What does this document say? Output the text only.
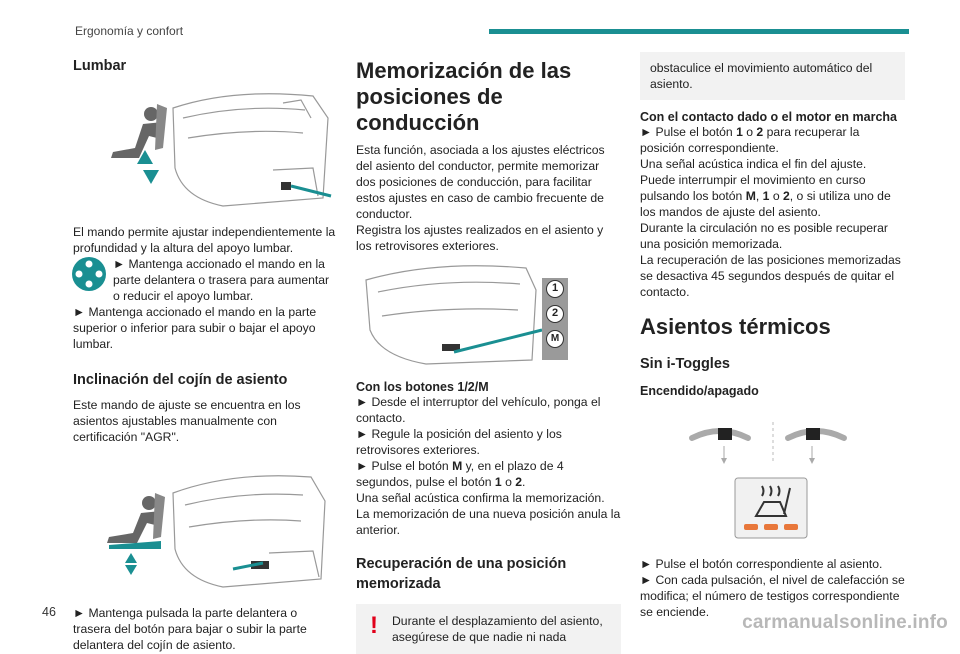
Ergonomía y confort
Lumbar

El mando permite ajustar independientemente la profundidad y la altura del apoyo lumbar.

► Mantenga accionado el mando en la parte delantera o trasera para aumentar o reducir el apoyo lumbar.

► Mantenga accionado el mando en la parte superior o inferior para subir o bajar el apoyo lumbar.

Inclinación del cojín de asiento

Este mando de ajuste se encuentra en los asientos ajustables manualmente con certificación "AGR".

► Mantenga pulsada la parte delantera o trasera del botón para bajar o subir la parte delantera del cojín de asiento.

Memorización de las posiciones de conducción

Esta función, asociada a los ajustes eléctricos del asiento del conductor, permite memorizar dos posiciones de conducción, para facilitar estos ajustes en caso de cambio frecuente de conductor.

Registra los ajustes realizados en el asiento y los retrovisores exteriores.

1
2
M
Con los botones 1/2/M

► Desde el interruptor del vehículo, ponga el contacto.

► Regule la posición del asiento y los retrovisores exteriores.

► Pulse el botón M y, en el plazo de 4 segundos, pulse el botón 1 o 2.

Una señal acústica confirma la memorización.

La memorización de una nueva posición anula la anterior.

Recuperación de una posición memorizada
! Durante el desplazamiento del asiento, asegúrese de que nadie ni nada

obstaculice el movimiento automático del asiento.

Con el contacto dado o el motor en marcha

► Pulse el botón 1 o 2 para recuperar la posición correspondiente.

Una señal acústica indica el fin del ajuste.

Puede interrumpir el movimiento en curso pulsando los botón M, 1 o 2, o si utiliza uno de los mandos de ajuste del asiento.

Durante la circulación no es posible recuperar una posición memorizada.

La recuperación de las posiciones memorizadas se desactiva 45 segundos después de quitar el contacto.

Asientos térmicos
Sin i-Toggles
Encendido/apagado

► Pulse el botón correspondiente al asiento.

► Con cada pulsación, el nivel de calefacción se modifica; el número de testigos correspondiente se enciende.

46	carmanualsonline.info
